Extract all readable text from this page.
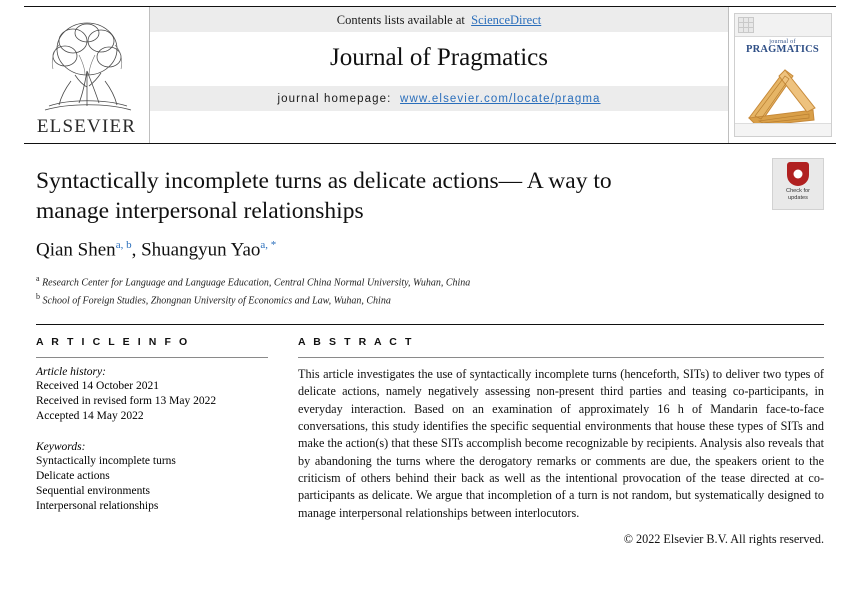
ELSEVIER
Contents lists available at ScienceDirect
Journal of Pragmatics
journal homepage: www.elsevier.com/locate/pragma
journal of
PRAGMATICS
Syntactically incomplete turns as delicate actions— A way to manage interpersonal relationships
Qian Shen$^{a, b}$, Shuangyun Yao$^{a,}$ *
$^a$ Research Center for Language and Language Education, Central China Normal University, Wuhan, China
$^b$ School of Foreign Studies, Zhongnan University of Economics and Law, Wuhan, China
Check for
updates
A R T I C L E I N F O
Article history:
Received 14 October 2021
Received in revised form 13 May 2022
Accepted 14 May 2022
Keywords:
Syntactically incomplete turns
Delicate actions
Sequential environments
Interpersonal relationships
A B S T R A C T
This article investigates the use of syntactically incomplete turns (henceforth, SITs) to deliver two types of delicate actions, namely negatively assessing non-present third parties and teasing co-participants, in everyday interaction. Based on an examination of approximately 16 h of Mandarin face-to-face conversations, this study identifies the specific sequential environments that house these types of SITs and make the action(s) that these SITs accomplish become recognizable by recipients. Analysis also reveals that by abandoning the turns where the derogatory remarks or comments are due, the speakers orient to the criticism of others behind their back as well as the intentional provocation of the tease directed at co-participants as delicate. We argue that incompletion of a turn is not random, but systematically designed to manage interpersonal relationships between interlocutors.
© 2022 Elsevier B.V. All rights reserved.
